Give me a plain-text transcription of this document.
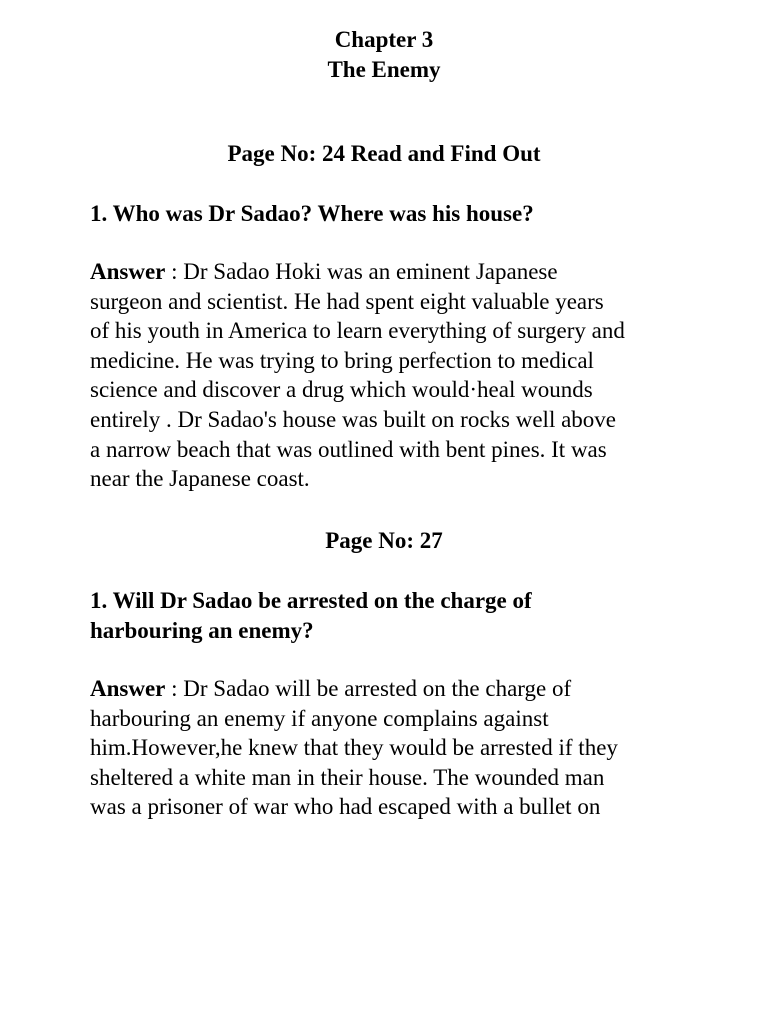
Chapter 3

The Enemy

Page No: 24 Read and Find Out

1. Who was Dr Sadao? Where was his house?

Answer : Dr Sadao Hoki was an eminent Japanese
surgeon and scientist. He had spent eight valuable years
of his youth in America to learn everything of surgery and
medicine. He was trying to bring perfection to medical
science and discover a drug which would·heal wounds
entirely . Dr Sadao's house was built on rocks well above
a narrow beach that was outlined with bent pines. It was
near the Japanese coast.

Page No: 27

1. Will Dr Sadao be arrested on the charge of
harbouring an enemy?

Answer : Dr Sadao will be arrested on the charge of
harbouring an enemy if anyone complains against
him.However,he knew that they would be arrested if they
sheltered a white man in their house. The wounded man
was a prisoner of war who had escaped with a bullet on
